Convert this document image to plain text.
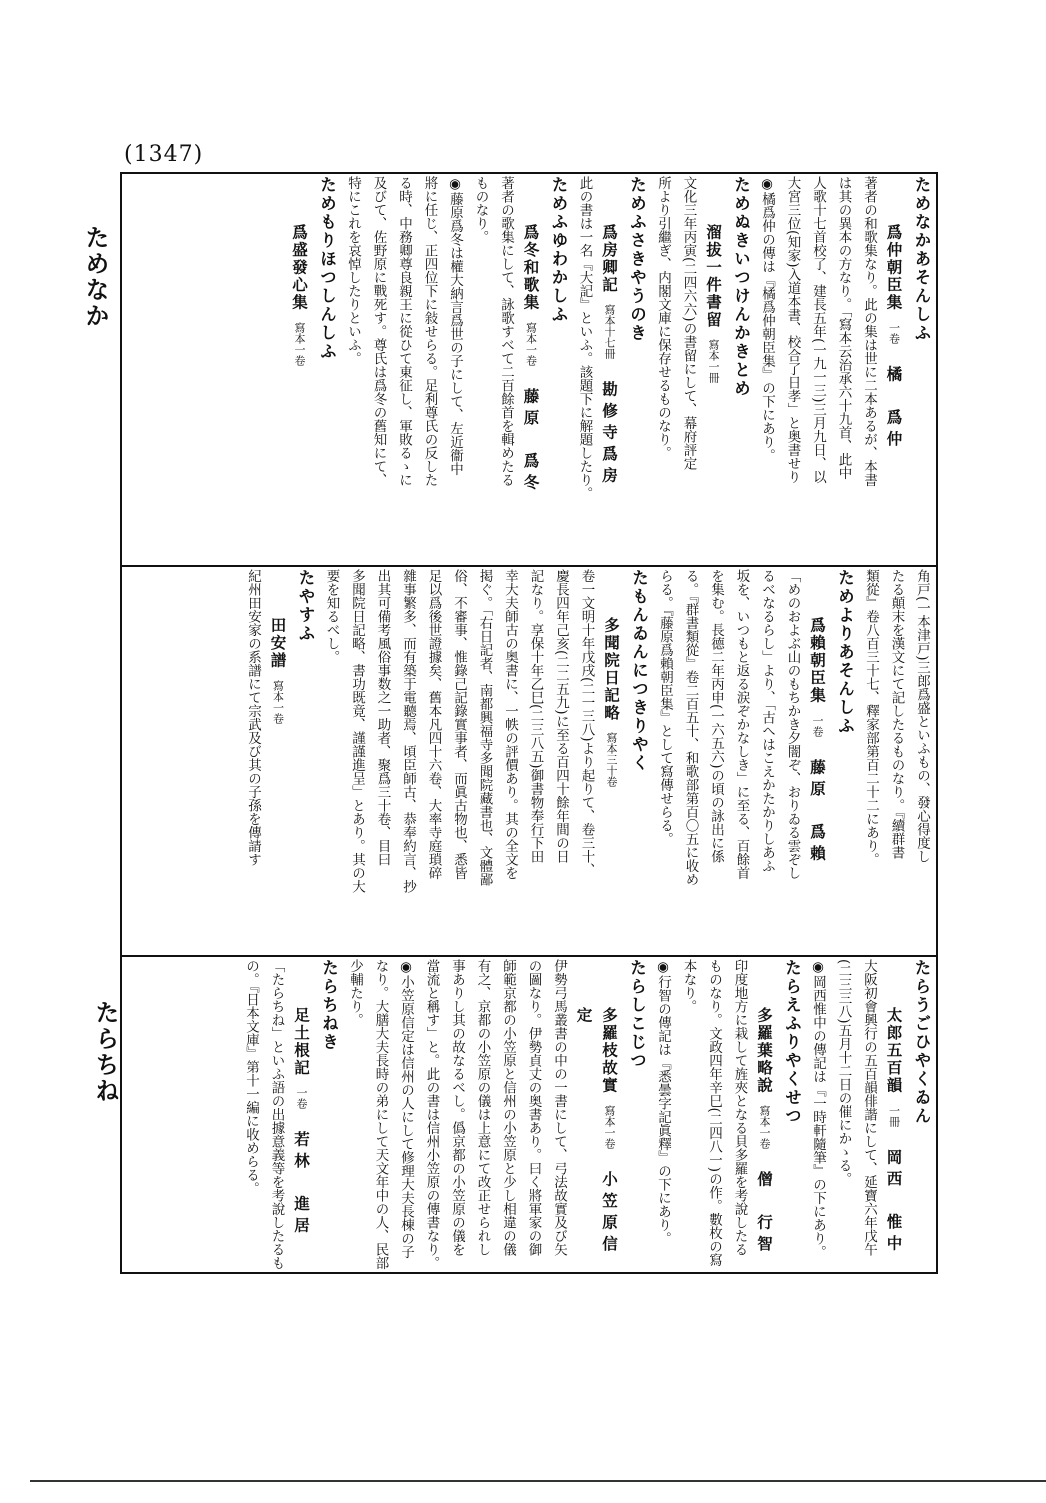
(1347)
ためなか
たらちね
ためなかあそんしふ
爲仲朝臣集一卷橘　爲仲
著者の和歌集なり。此の集は世に二本あるが、本書
は其の異本の方なり。「寫本云治承六十九首、此中
人歌十七首校了、建長五年(一九一三)三月九日、以
大宮三位(知家)入道本書、校合了日孝」と奥書せり
◉橘爲仲の傳は『橘爲仲朝臣集』の下にあり。
ためぬきいつけんかきとめ
溜拔一件書留寫本一冊
文化三年丙寅(二四六六)の書留にして、幕府評定
所より引繼ぎ、内閣文庫に保存せるものなり。
ためふさきやうのき
爲房卿記寫本十七冊勘修寺爲房
此の書は一名『大記』といふ。該題下に解題したり。
ためふゆわかしふ
爲冬和歌集寫本一卷藤原　爲冬
著者の歌集にして、詠歌すべて二百餘首を輯めたる
ものなり。
◉藤原爲冬は權大納言爲世の子にして、左近衞中
將に任じ、正四位下に敍せらる。足利尊氏の反した
る時、中務卿尊良親王に從ひて東征し、軍敗るゝに
及びて、佐野原に戰死す。尊氏は爲冬の舊知にて、
特にこれを哀悼したりといふ。
ためもりほつしんしふ
爲盛發心集寫本一卷
角戸(一本津戸)三郎爲盛といふもの、發心得度し
たる顛末を漢文にて記したるものなり。『續群書
類從』卷八百三十七、釋家部第百二十二にあり。
ためよりあそんしふ
爲賴朝臣集一卷藤原　爲賴
「めのおよぶ山のもちかき夕闇ぞ、おりゐる雲ぞし
るべなるらし」より、「古へはこえかたかりしあふ
坂を、いつもと返る涙ぞかなしき」に至る、百餘首
を集む。長德二年丙申(一六五六)の頃の詠出に係
る。『群書類從』卷二百五十、和歌部第百〇五に收め
らる。『藤原爲賴朝臣集』として寫傳せらる。
たもんゐんにつきりやく
多聞院日記略寫本三十卷
卷一文明十年戊戌(二一三八)より起りて、卷三十、
慶長四年己亥(二二五九)に至る百四十餘年間の日
記なり。享保十年乙巳(二三八五)御書物奉行下田
幸大夫師古の奥書に、一帙の評價あり。其の全文を
掲ぐ。「右日記者、南都興福寺多聞院藏書也、文體鄙
俗、不審事、惟錄己記錄實事者、而眞古物也、悉皆
足以爲後世證據矣、舊本凡四十六卷、大率寺庭瑣碎
雜事繁多、而有築于電聽焉、頃臣師古、恭奉約言、抄
出其可備考風俗事数之一助者、聚爲三十卷、目曰
多聞院日記略、書功既竟、謹謹進呈」とあり。其の大
要を知るべし。
たやすふ
田安譜寫本一卷
紀州田安家の系譜にて宗武及び其の子孫を傳請す
たらうごひやくゐん
太郎五百韻一冊岡西　惟中
大阪初會興行の五百韻俳諧にして、延寶六年戊午
(二三三八)五月十二日の催にかゝる。
◉岡西惟中の傳記は『一時軒隨筆』の下にあり。
たらえふりやくせつ
多羅葉略說寫本一卷僧　行智
印度地方に栽して旌夾となる貝多羅を考說したる
ものなり。文政四年辛巳(二四八一)の作。數枚の寫
本なり。
◉行智の傳記は『悉曇字記眞釋』の下にあり。
たらしこじつ
多羅枝故實寫本一卷小笠原信定
伊勢弓馬叢書の中の一書にして、弓法故實及び矢
の圖なり。伊勢貞丈の奥書あり。曰く將軍家の御
師範京都の小笠原と信州の小笠原と少し相違の儀
有之、京都の小笠原の儀は上意にて改正せられし
事ありし其の故なるべし。僞京都の小笠原の儀を
當流と稱す」と。此の書は信州小笠原の傳書なり。
◉小笠原信定は信州の人にして修理大夫長棟の子
なり。大膳大夫長時の弟にして天文年中の人、民部
少輔たり。
たらちねき
足土根記一卷若林　進居
「たらちね」といふ語の出據意義等を考說したるも
の。『日本文庫』第十一編に收めらる。
